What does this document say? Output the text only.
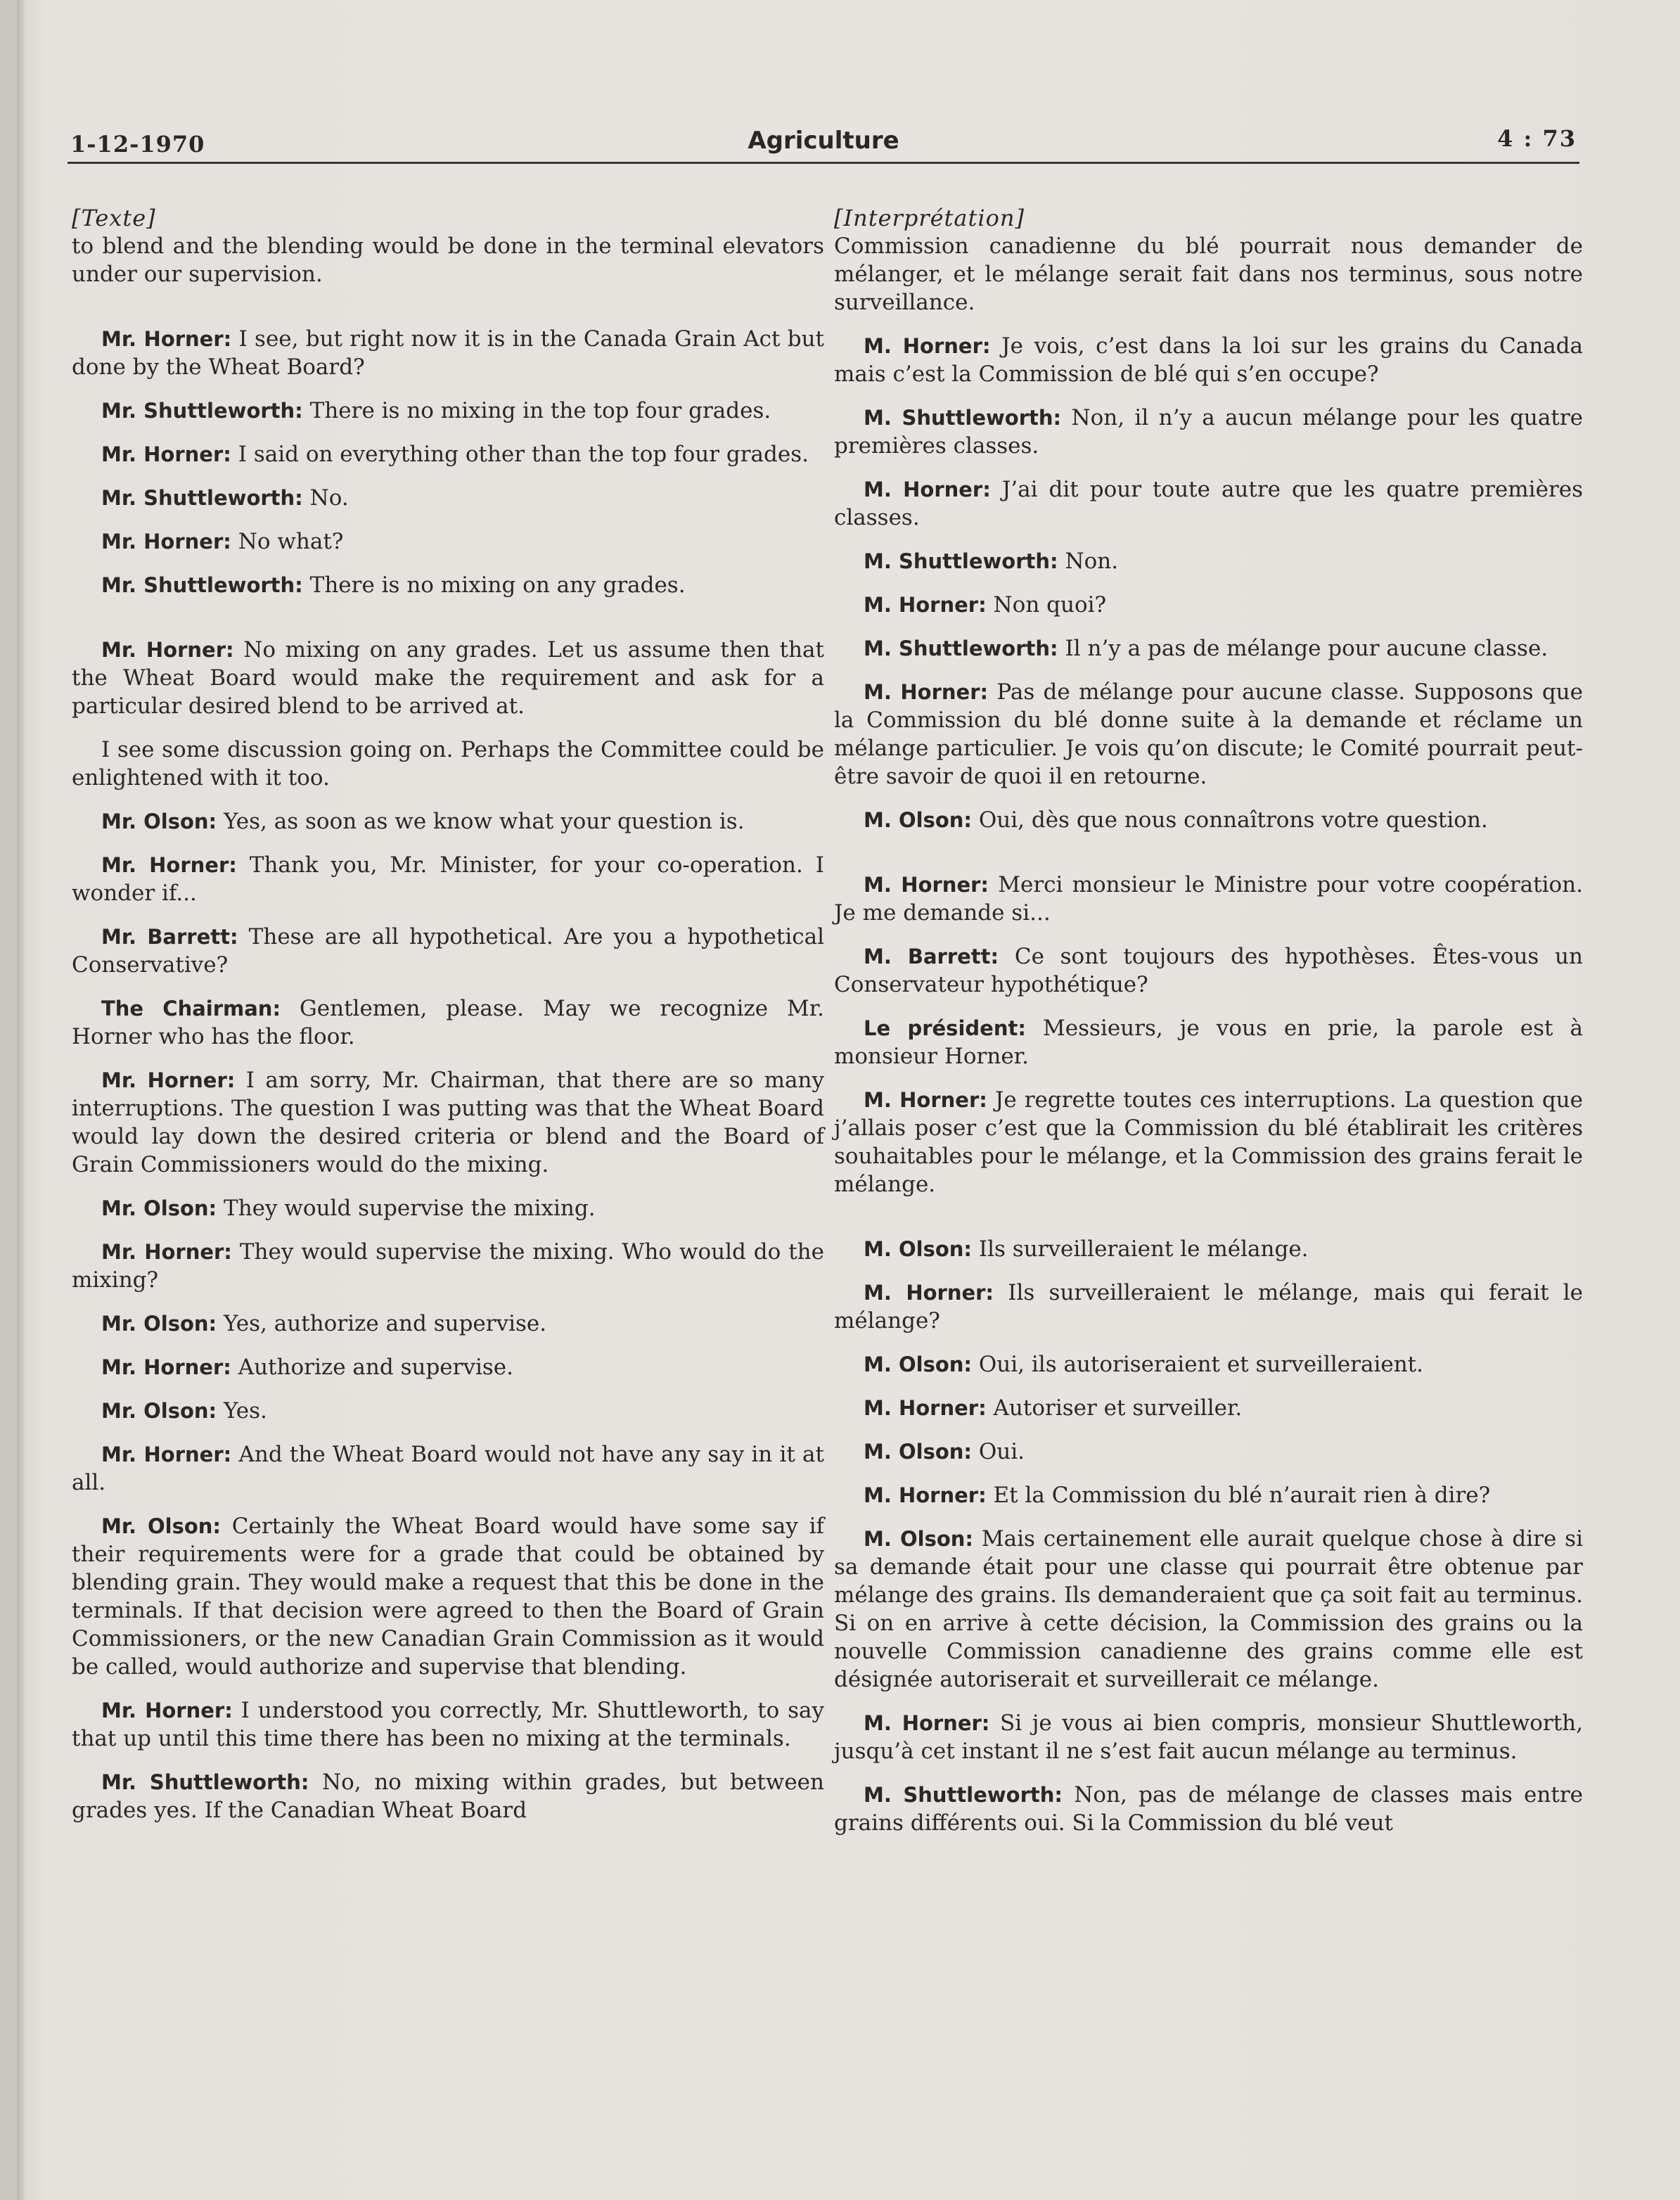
1-12-1970	Agriculture	4 : 73
[Texte]

to blend and the blending would be done in the terminal elevators under our supervision.

Mr. Horner: I see, but right now it is in the Canada Grain Act but done by the Wheat Board?

Mr. Shuttleworth: There is no mixing in the top four grades.

Mr. Horner: I said on everything other than the top four grades.

Mr. Shuttleworth: No.

Mr. Horner: No what?

Mr. Shuttleworth: There is no mixing on any grades.

Mr. Horner: No mixing on any grades. Let us assume then that the Wheat Board would make the requirement and ask for a particular desired blend to be arrived at.

I see some discussion going on. Perhaps the Committee could be enlightened with it too.

Mr. Olson: Yes, as soon as we know what your question is.

Mr. Horner: Thank you, Mr. Minister, for your co-operation. I wonder if...

Mr. Barrett: These are all hypothetical. Are you a hypothetical Conservative?

The Chairman: Gentlemen, please. May we recognize Mr. Horner who has the floor.

Mr. Horner: I am sorry, Mr. Chairman, that there are so many interruptions. The question I was putting was that the Wheat Board would lay down the desired criteria or blend and the Board of Grain Commissioners would do the mixing.

Mr. Olson: They would supervise the mixing.

Mr. Horner: They would supervise the mixing. Who would do the mixing?

Mr. Olson: Yes, authorize and supervise.

Mr. Horner: Authorize and supervise.

Mr. Olson: Yes.

Mr. Horner: And the Wheat Board would not have any say in it at all.

Mr. Olson: Certainly the Wheat Board would have some say if their requirements were for a grade that could be obtained by blending grain. They would make a request that this be done in the terminals. If that decision were agreed to then the Board of Grain Commissioners, or the new Canadian Grain Commission as it would be called, would authorize and supervise that blending.

Mr. Horner: I understood you correctly, Mr. Shuttleworth, to say that up until this time there has been no mixing at the terminals.

Mr. Shuttleworth: No, no mixing within grades, but between grades yes. If the Canadian Wheat Board

[Interprétation]

Commission canadienne du blé pourrait nous demander de mélanger, et le mélange serait fait dans nos terminus, sous notre surveillance.

M. Horner: Je vois, c’est dans la loi sur les grains du Canada mais c’est la Commission de blé qui s’en occupe?

M. Shuttleworth: Non, il n’y a aucun mélange pour les quatre premières classes.

M. Horner: J’ai dit pour toute autre que les quatre premières classes.

M. Shuttleworth: Non.

M. Horner: Non quoi?

M. Shuttleworth: Il n’y a pas de mélange pour aucune classe.

M. Horner: Pas de mélange pour aucune classe. Supposons que la Commission du blé donne suite à la demande et réclame un mélange particulier. Je vois qu’on discute; le Comité pourrait peut-être savoir de quoi il en retourne.

M. Olson: Oui, dès que nous connaîtrons votre question.

M. Horner: Merci monsieur le Ministre pour votre coopération. Je me demande si...

M. Barrett: Ce sont toujours des hypothèses. Êtes-vous un Conservateur hypothétique?

Le président: Messieurs, je vous en prie, la parole est à monsieur Horner.

M. Horner: Je regrette toutes ces interruptions. La question que j’allais poser c’est que la Commission du blé établirait les critères souhaitables pour le mélange, et la Commission des grains ferait le mélange.

M. Olson: Ils surveilleraient le mélange.

M. Horner: Ils surveilleraient le mélange, mais qui ferait le mélange?

M. Olson: Oui, ils autoriseraient et surveilleraient.

M. Horner: Autoriser et surveiller.

M. Olson: Oui.

M. Horner: Et la Commission du blé n’aurait rien à dire?

M. Olson: Mais certainement elle aurait quelque chose à dire si sa demande était pour une classe qui pourrait être obtenue par mélange des grains. Ils demanderaient que ça soit fait au terminus. Si on en arrive à cette décision, la Commission des grains ou la nouvelle Commission canadienne des grains comme elle est désignée autoriserait et surveillerait ce mélange.

M. Horner: Si je vous ai bien compris, monsieur Shuttleworth, jusqu’à cet instant il ne s’est fait aucun mélange au terminus.

M. Shuttleworth: Non, pas de mélange de classes mais entre grains différents oui. Si la Commission du blé veut
